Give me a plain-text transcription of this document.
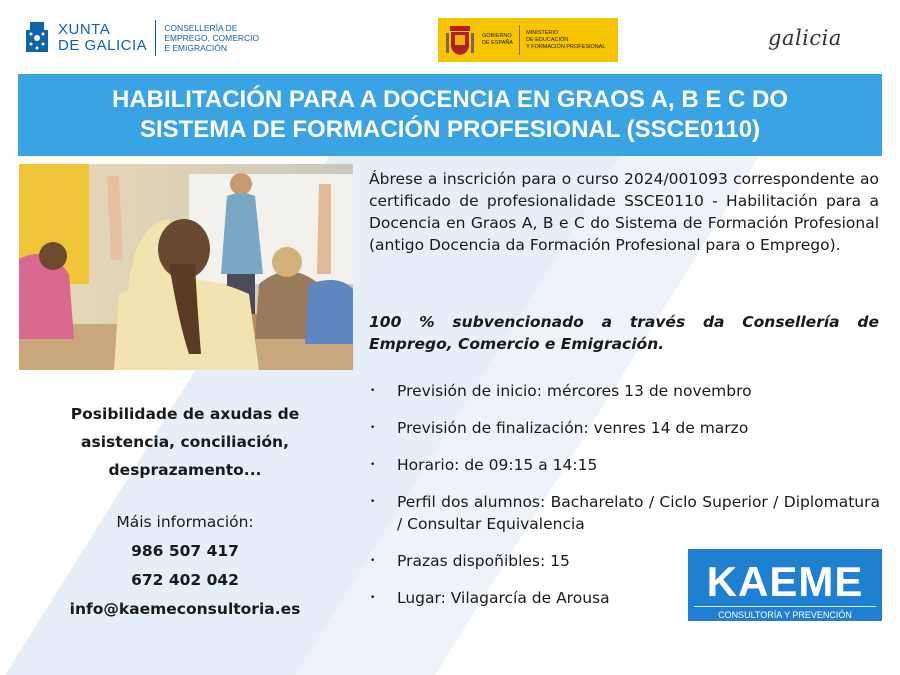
XUNTA
DE GALICIA
CONSELLERÍA DE
EMPREGO, COMERCIO
E EMIGRACIÓN
GOBIERNO
DE ESPAÑA
MINISTERIO
DE EDUCACIÓN
Y FORMACIÓN PROFESIONAL	galicia
HABILITACIÓN PARA A DOCENCIA EN GRAOS A, B E C DO
SISTEMA DE FORMACIÓN PROFESIONAL (SSCE0110)
Ábrese a inscrición para o curso 2024/001093 correspondente ao certificado de profesionalidade SSCE0110 - Habilitación para a Docencia en Graos A, B e C do Sistema de Formación Profesional (antigo Docencia da Formación Profesional para o Emprego).
100 % subvencionado a través da Consellería de Emprego, Comercio e Emigración.
•	Previsión de inicio: mércores 13 de novembro
•	Previsión de finalización: venres 14 de marzo
•	Horario: de 09:15 a 14:15
•	Perfil dos alumnos: Bacharelato / Ciclo Superior / Diplomatura / Consultar Equivalencia
•	Prazas dispoñibles: 15
•	Lugar: Vilagarcía de Arousa
Posibilidade de axudas de
asistencia, conciliación,
desprazamento...
Máis información:
986 507 417
672 402 042
info@kaemeconsultoria.es
KAEME
CONSULTORÍA Y PREVENCIÓN
